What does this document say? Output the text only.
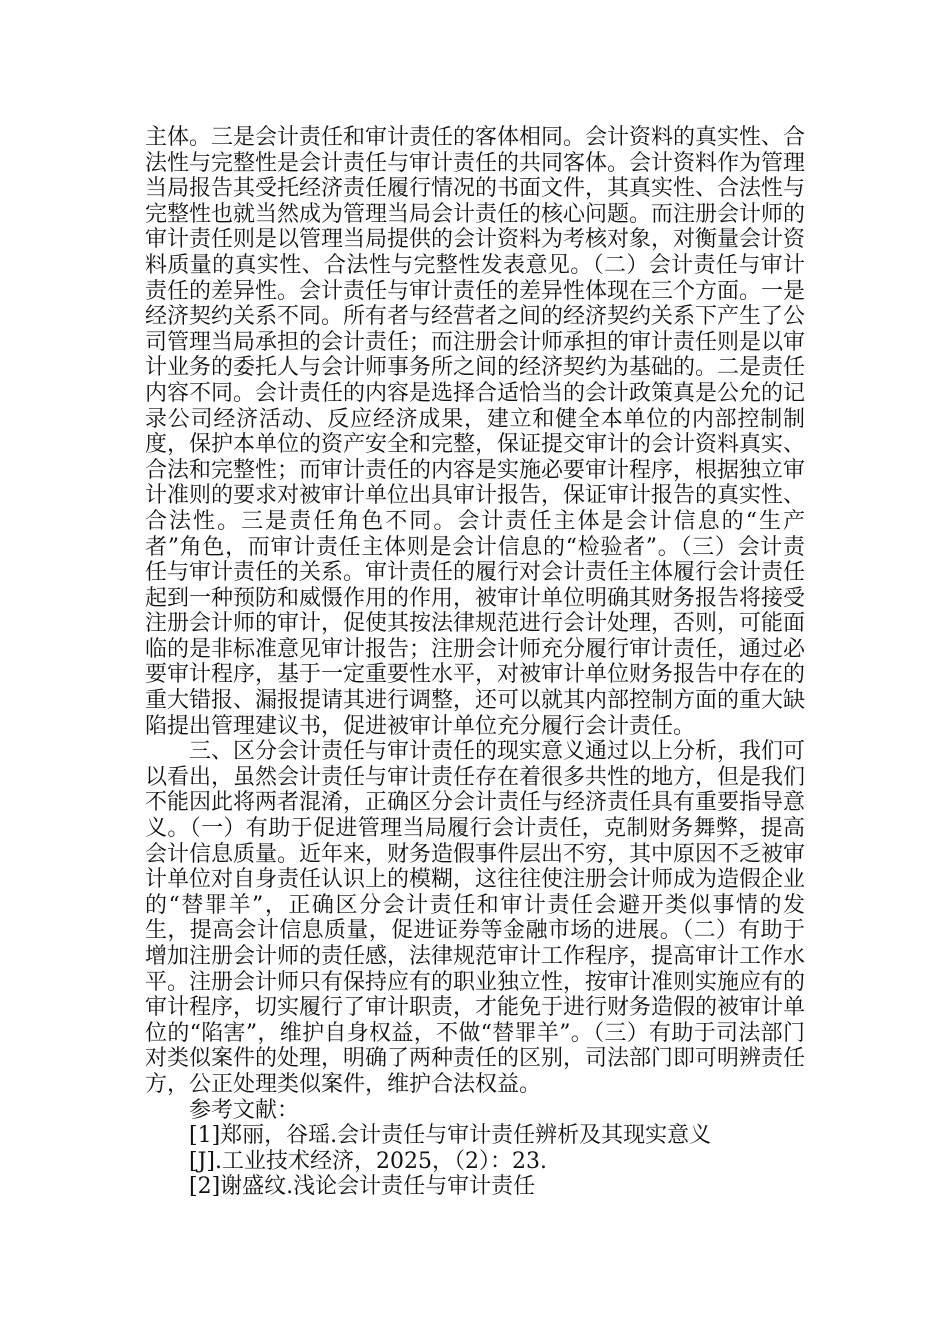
主体。三是会计责任和审计责任的客体相同。会计资料的真实性、合法性与完整性是会计责任与审计责任的共同客体。会计资料作为管理当局报告其受托经济责任履行情况的书面文件，其真实性、合法性与完整性也就当然成为管理当局会计责任的核心问题。而注册会计师的审计责任则是以管理当局提供的会计资料为考核对象，对衡量会计资料质量的真实性、合法性与完整性发表意见。（二）会计责任与审计责任的差异性。会计责任与审计责任的差异性体现在三个方面。一是经济契约关系不同。所有者与经营者之间的经济契约关系下产生了公司管理当局承担的会计责任；而注册会计师承担的审计责任则是以审计业务的委托人与会计师事务所之间的经济契约为基础的。二是责任内容不同。会计责任的内容是选择合适恰当的会计政策真是公允的记录公司经济活动、反应经济成果，建立和健全本单位的内部控制制度，保护本单位的资产安全和完整，保证提交审计的会计资料真实、合法和完整性；而审计责任的内容是实施必要审计程序，根据独立审计准则的要求对被审计单位出具审计报告，保证审计报告的真实性、合法性。三是责任角色不同。会计责任主体是会计信息的“生产者”角色，而审计责任主体则是会计信息的“检验者”。（三）会计责任与审计责任的关系。审计责任的履行对会计责任主体履行会计责任起到一种预防和威慑作用的作用，被审计单位明确其财务报告将接受注册会计师的审计，促使其按法律规范进行会计处理，否则，可能面临的是非标准意见审计报告；注册会计师充分履行审计责任，通过必要审计程序，基于一定重要性水平，对被审计单位财务报告中存在的重大错报、漏报提请其进行调整，还可以就其内部控制方面的重大缺陷提出管理建议书，促进被审计单位充分履行会计责任。

三、区分会计责任与审计责任的现实意义通过以上分析，我们可以看出，虽然会计责任与审计责任存在着很多共性的地方，但是我们不能因此将两者混淆，正确区分会计责任与经济责任具有重要指导意义。（一）有助于促进管理当局履行会计责任，克制财务舞弊，提高会计信息质量。近年来，财务造假事件层出不穷，其中原因不乏被审计单位对自身责任认识上的模糊，这往往使注册会计师成为造假企业的“替罪羊”，正确区分会计责任和审计责任会避开类似事情的发生，提高会计信息质量，促进证券等金融市场的进展。（二）有助于增加注册会计师的责任感，法律规范审计工作程序，提高审计工作水平。注册会计师只有保持应有的职业独立性，按审计准则实施应有的审计程序，切实履行了审计职责，才能免于进行财务造假的被审计单位的“陷害”，维护自身权益，不做“替罪羊”。（三）有助于司法部门对类似案件的处理，明确了两种责任的区别，司法部门即可明辨责任方，公正处理类似案件，维护合法权益。

参考文献：

[1]郑丽，谷瑶.会计责任与审计责任辨析及其现实意义

[J].工业技术经济，2025，（2）：23.

[2]谢盛纹.浅论会计责任与审计责任
